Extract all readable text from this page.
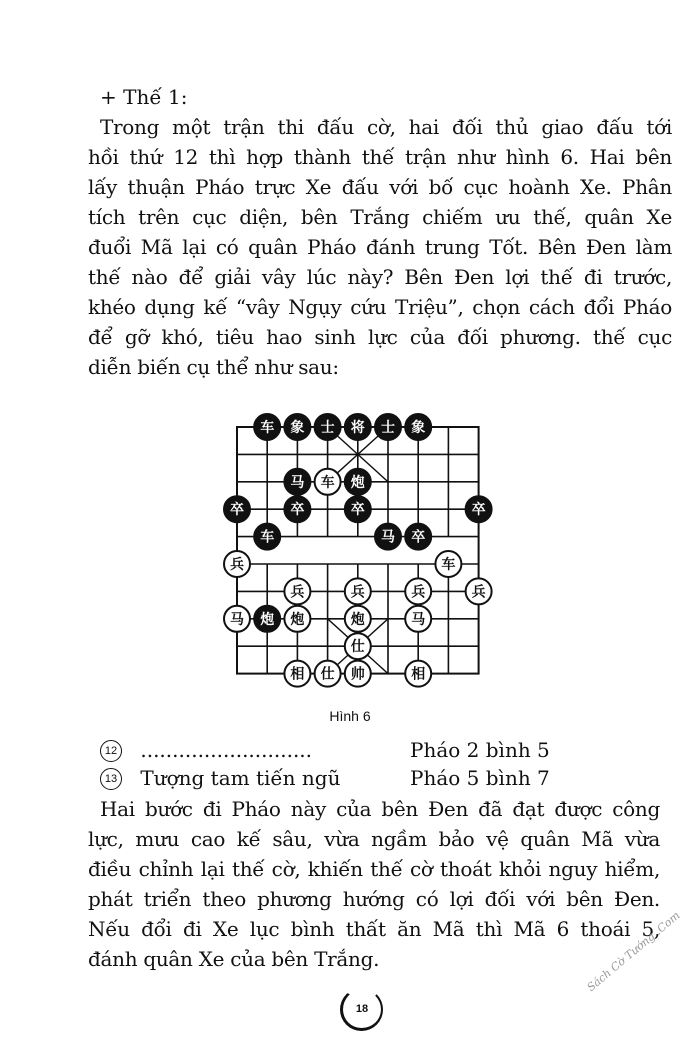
+ Thế 1:
Trong một trận thi đấu cờ, hai đối thủ giao đấu tới
hồi thứ 12 thì hợp thành thế trận như hình 6. Hai bên
lấy thuận Pháo trực Xe đấu với bố cục hoành Xe. Phân
tích trên cục diện, bên Trắng chiếm ưu thế, quân Xe
đuổi Mã lại có quân Pháo đánh trung Tốt. Bên Đen làm
thế nào để giải vây lúc này? Bên Đen lợi thế đi trước,
khéo dụng kế “vây Ngụy cứu Triệu”, chọn cách đổi Pháo
để gỡ khó, tiêu hao sinh lực của đối phương. thế cục
diễn biến cụ thể như sau:
车 象 士 将 士 象
马 车 炮
卒	卒	卒	卒
车	马 卒
兵	车
兵	兵	兵	兵
马 炮 炮	炮	马
仕
相 仕 帅	相
Hình 6
12 ...........................	Pháo 2 bình 5
13 Tượng tam tiến ngũ	Pháo 5 bình 7
Hai bước đi Pháo này của bên Đen đã đạt được công
lực, mưu cao kế sâu, vừa ngầm bảo vệ quân Mã vừa
điều chỉnh lại thế cờ, khiến thế cờ thoát khỏi nguy hiểm,
phát triển theo phương hướng có lợi đối với bên Đen.
Nếu đổi đi Xe lục bình thất ăn Mã thì Mã 6 thoái 5,
đánh quân Xe của bên Trắng.
18
Sách Cờ Tướng .Com
